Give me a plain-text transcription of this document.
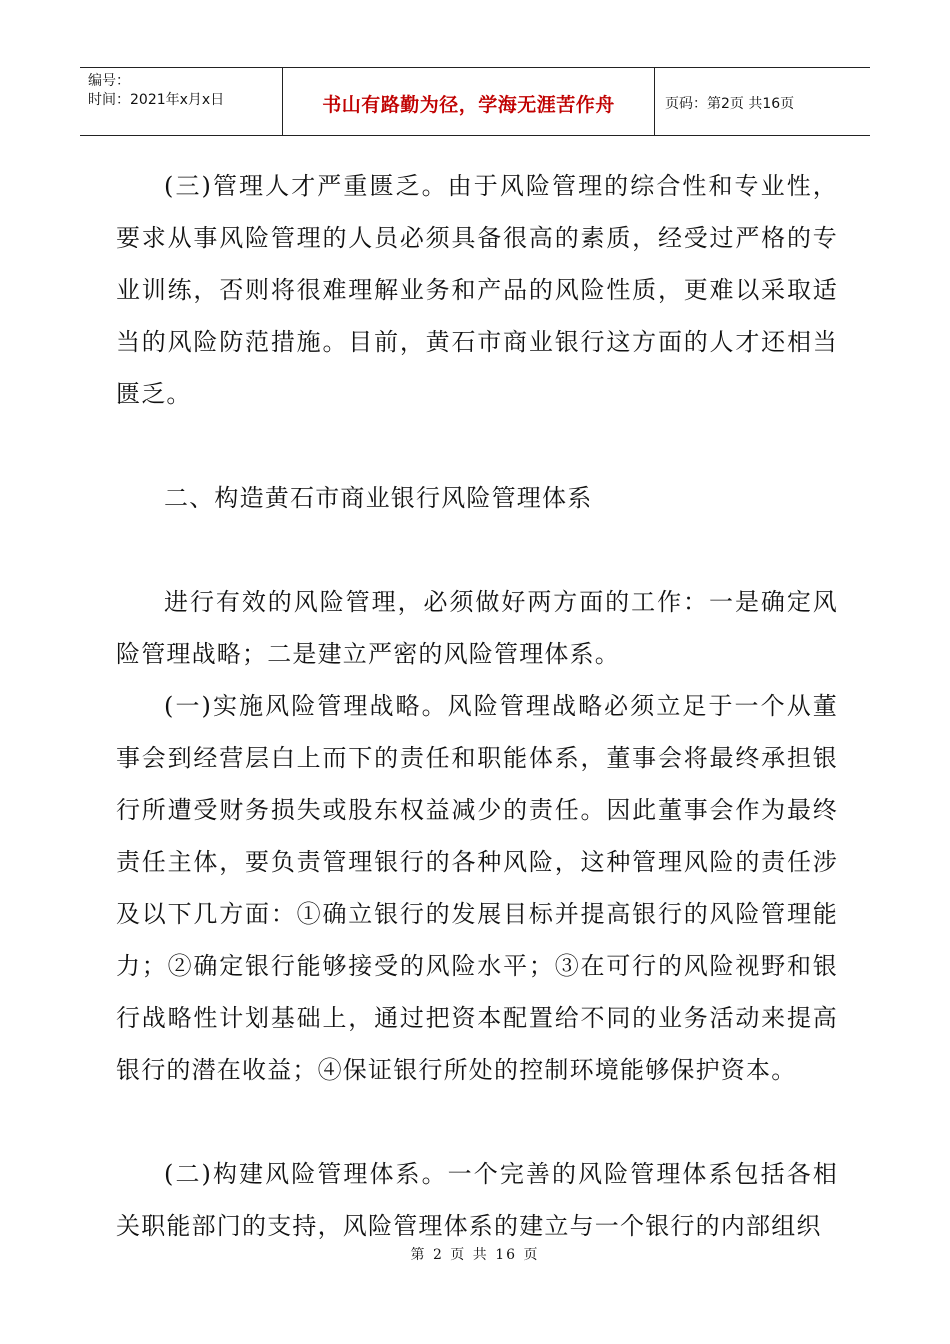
编号：
时间：2021年x月x日	书山有路勤为径，学海无涯苦作舟	页码：第2页 共16页

(三)管理人才严重匮乏。由于风险管理的综合性和专业性，要求从事风险管理的人员必须具备很高的素质，经受过严格的专业训练，否则将很难理解业务和产品的风险性质，更难以采取适当的风险防范措施。目前，黄石市商业银行这方面的人才还相当匮乏。

二、构造黄石市商业银行风险管理体系

进行有效的风险管理，必须做好两方面的工作：一是确定风险管理战略；二是建立严密的风险管理体系。

(一)实施风险管理战略。风险管理战略必须立足于一个从董事会到经营层白上而下的责任和职能体系，董事会将最终承担银行所遭受财务损失或股东权益减少的责任。因此董事会作为最终责任主体，要负责管理银行的各种风险，这种管理风险的责任涉及以下几方面：①确立银行的发展目标并提高银行的风险管理能力；②确定银行能够接受的风险水平；③在可行的风险视野和银行战略性计划基础上，通过把资本配置给不同的业务活动来提高银行的潜在收益；④保证银行所处的控制环境能够保护资本。

(二)构建风险管理体系。一个完善的风险管理体系包括各相关职能部门的支持，风险管理体系的建立与一个银行的内部组织

第 2 页 共 16 页
